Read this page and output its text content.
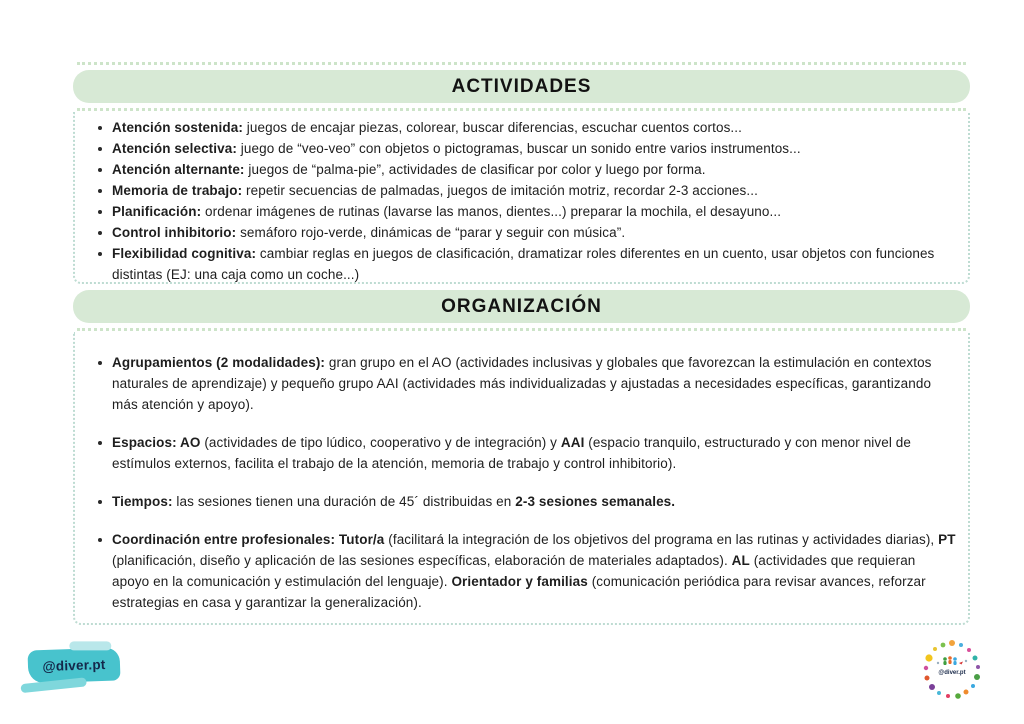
ACTIVIDADES
Atención sostenida: juegos de encajar piezas, colorear, buscar diferencias, escuchar cuentos cortos...
Atención selectiva: juego de “veo-veo” con objetos o pictogramas, buscar un sonido entre varios instrumentos...
Atención alternante: juegos de “palma-pie”, actividades de clasificar por color y luego por forma.
Memoria de trabajo: repetir secuencias de palmadas, juegos de imitación motriz, recordar 2-3 acciones...
Planificación: ordenar imágenes de rutinas (lavarse las manos, dientes...) preparar la mochila, el desayuno...
Control inhibitorio: semáforo rojo-verde, dinámicas de “parar y seguir con música”.
Flexibilidad cognitiva: cambiar reglas en juegos de clasificación, dramatizar roles diferentes en un cuento, usar objetos con funciones distintas (EJ: una caja como un coche...)
ORGANIZACIÓN
Agrupamientos (2 modalidades): gran grupo en el AO (actividades inclusivas y globales que favorezcan la estimulación en contextos naturales de aprendizaje) y pequeño grupo AAI (actividades más individualizadas y ajustadas a necesidades específicas, garantizando más atención y apoyo).
Espacios: AO (actividades de tipo lúdico, cooperativo y de integración) y AAI (espacio tranquilo, estructurado y con menor nivel de estímulos externos, facilita el trabajo de la atención, memoria de trabajo y control inhibitorio).
Tiempos: las sesiones tienen una duración de 45´ distribuidas en 2-3 sesiones semanales.
Coordinación entre profesionales: Tutor/a (facilitará la integración de los objetivos del programa en las rutinas y actividades diarias), PT (planificación, diseño y aplicación de las sesiones específicas, elaboración de materiales adaptados). AL (actividades que requieran apoyo en la comunicación y estimulación del lenguaje). Orientador y familias (comunicación periódica para revisar avances, reforzar estrategias en casa y garantizar la generalización).
@diver.pt	@diver.pt
